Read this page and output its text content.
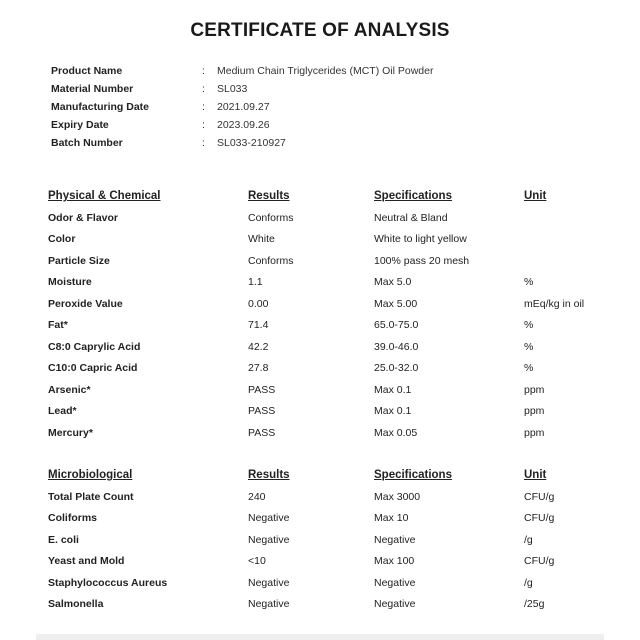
CERTIFICATE OF ANALYSIS
Product Name	:	Medium Chain Triglycerides (MCT) Oil Powder
Material Number	:	SL033
Manufacturing Date	:	2021.09.27
Expiry Date	:	2023.09.26
Batch Number	:	SL033-210927
Physical & Chemical	Results	Specifications	Unit
Odor & Flavor	Conforms	Neutral & Bland
Color	White	White to light yellow
Particle Size	Conforms	100% pass 20 mesh
Moisture	1.1	Max 5.0	%
Peroxide Value	0.00	Max 5.00	mEq/kg in oil
Fat*	71.4	65.0-75.0	%
C8:0 Caprylic Acid	42.2	39.0-46.0	%
C10:0 Capric Acid	27.8	25.0-32.0	%
Arsenic*	PASS	Max 0.1	ppm
Lead*	PASS	Max 0.1	ppm
Mercury*	PASS	Max 0.05	ppm
Microbiological	Results	Specifications	Unit
Total Plate Count	240	Max 3000	CFU/g
Coliforms	Negative	Max 10	CFU/g
E. coli	Negative	Negative	/g
Yeast and Mold	<10	Max 100	CFU/g
Staphylococcus Aureus	Negative	Negative	/g
Salmonella	Negative	Negative	/25g
